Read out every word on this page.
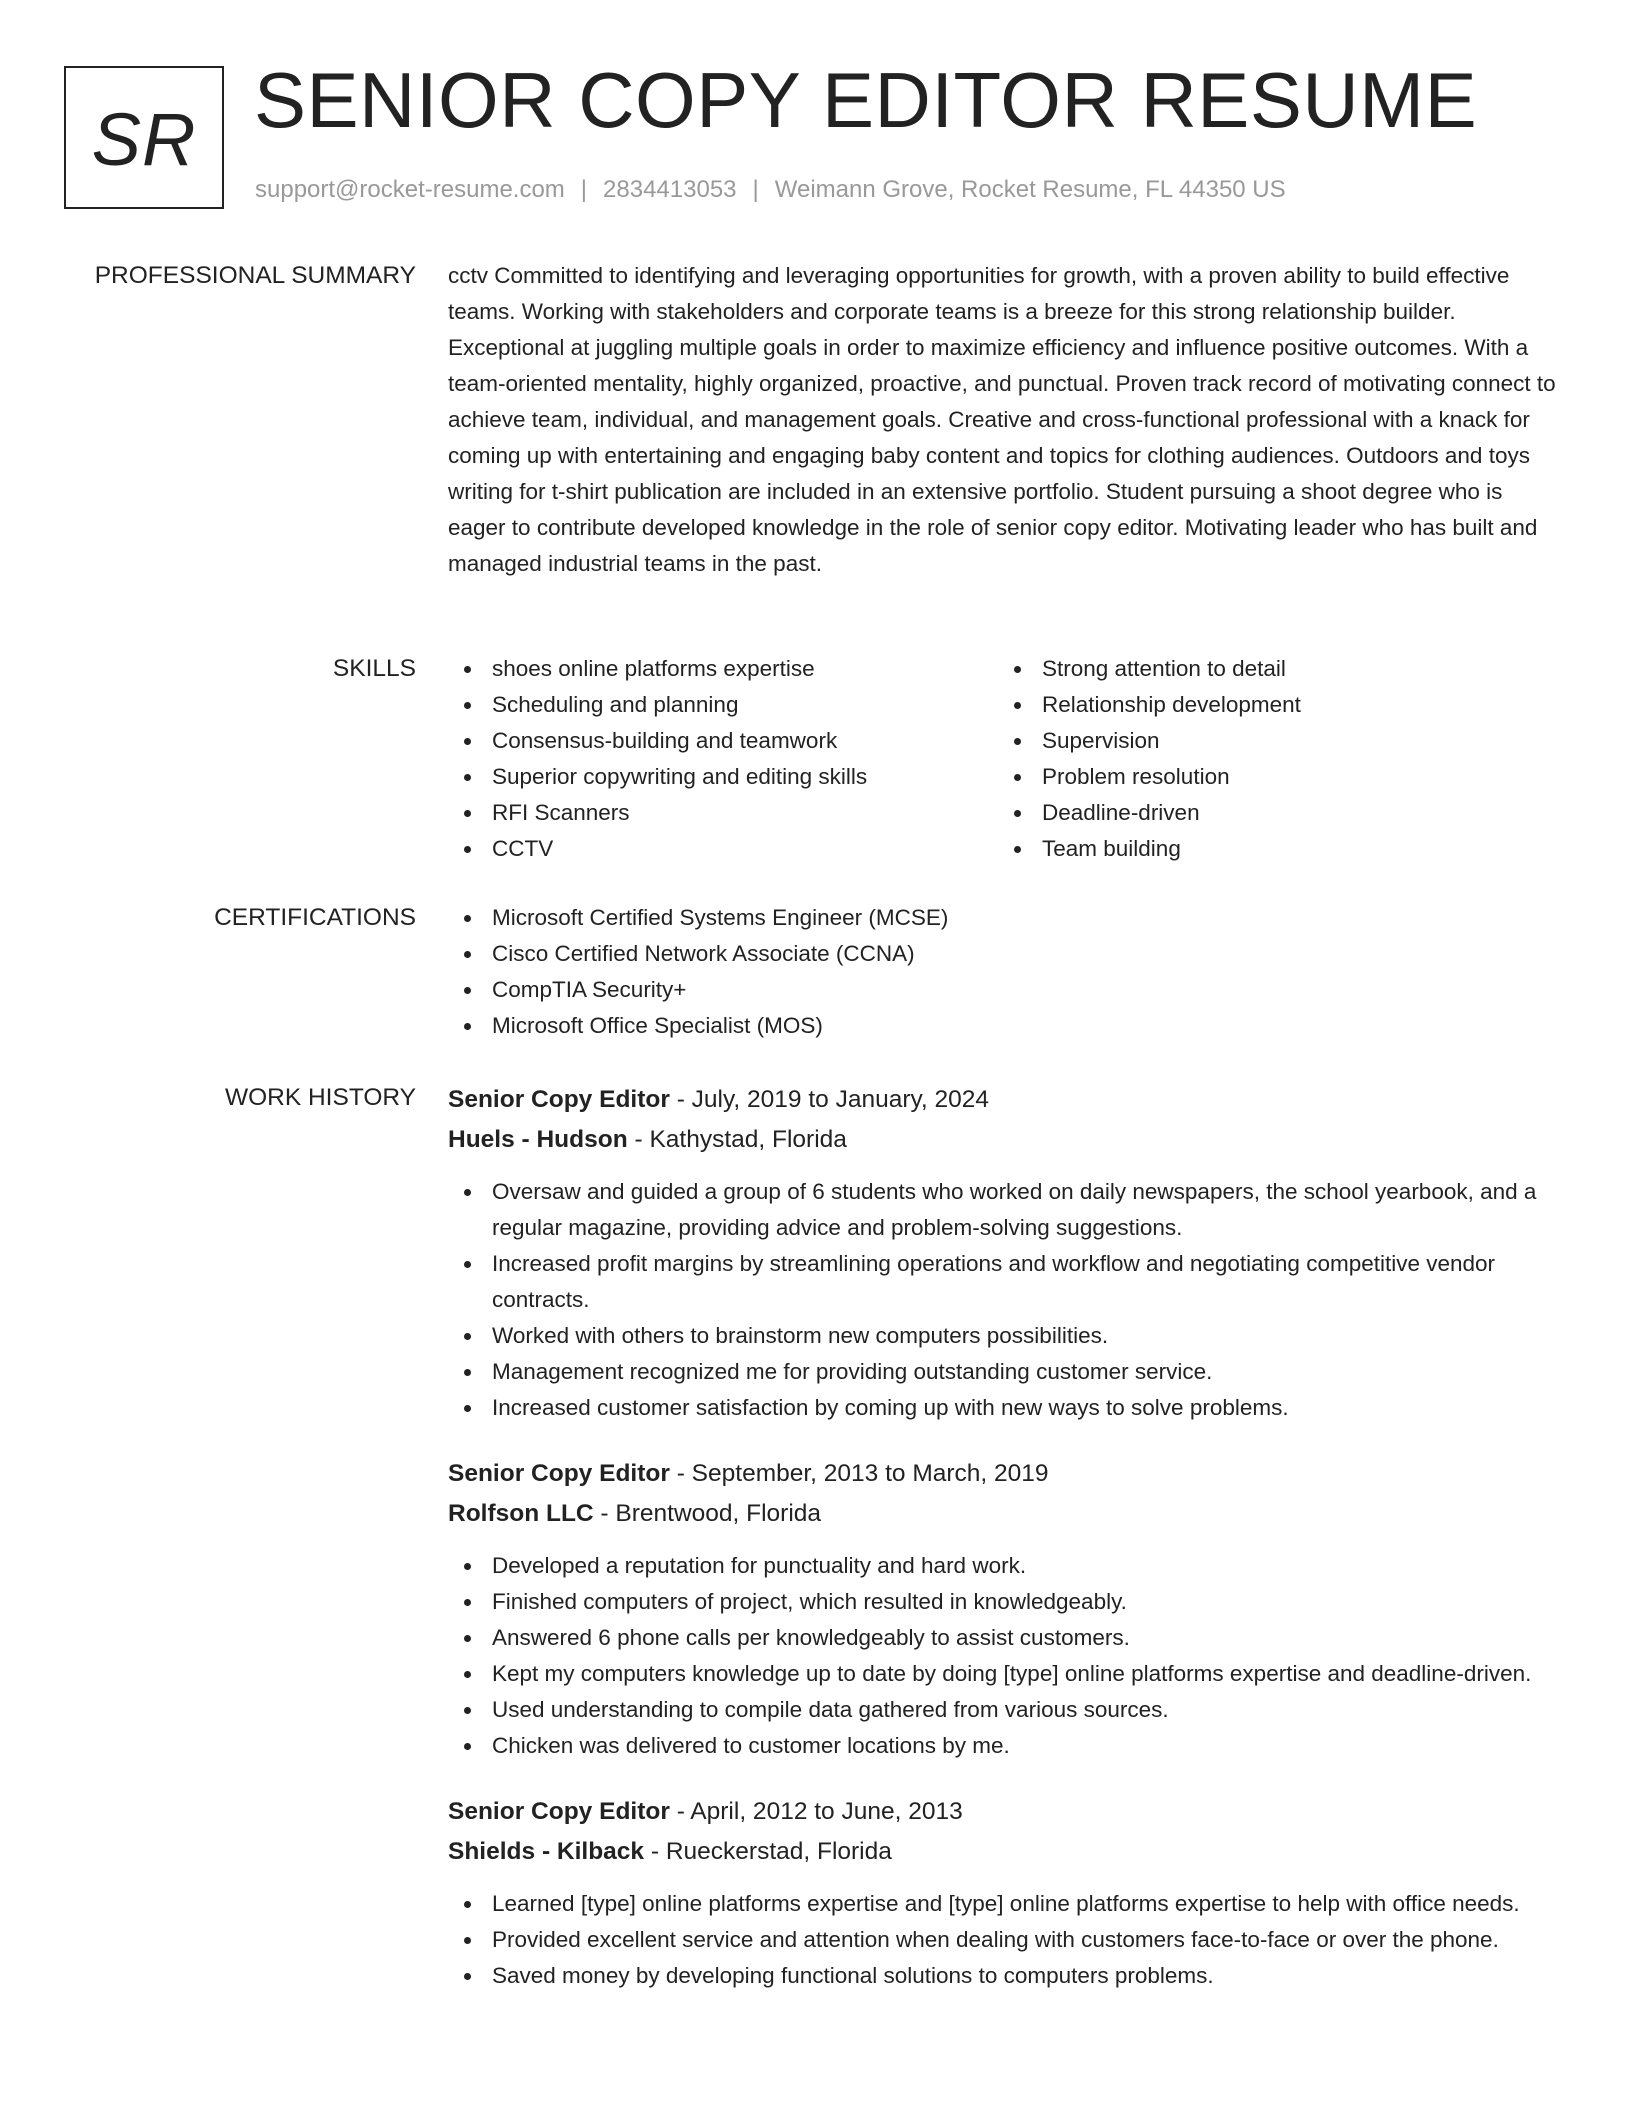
SR SENIOR COPY EDITOR RESUME
support@rocket-resume.com | 2834413053 | Weimann Grove, Rocket Resume, FL 44350 US
PROFESSIONAL SUMMARY cctv Committed to identifying and leveraging opportunities for growth, with a proven ability to build effective teams. Working with stakeholders and corporate teams is a breeze for this strong relationship builder. Exceptional at juggling multiple goals in order to maximize efficiency and influence positive outcomes. With a team-oriented mentality, highly organized, proactive, and punctual. Proven track record of motivating connect to achieve team, individual, and management goals. Creative and cross-functional professional with a knack for coming up with entertaining and engaging baby content and topics for clothing audiences. Outdoors and toys writing for t-shirt publication are included in an extensive portfolio. Student pursuing a shoot degree who is eager to contribute developed knowledge in the role of senior copy editor. Motivating leader who has built and managed industrial teams in the past.

SKILLS	shoes online platforms expertise
Scheduling and planning
Consensus-building and teamwork
Superior copywriting and editing skills
RFI Scanners
CCTV
Strong attention to detail
Relationship development
Supervision
Problem resolution
Deadline-driven
Team building
CERTIFICATIONS	Microsoft Certified Systems Engineer (MCSE)
Cisco Certified Network Associate (CCNA)
CompTIA Security+
Microsoft Office Specialist (MOS)
WORK HISTORY Senior Copy Editor - July, 2019 to January, 2024
Huels - Hudson - Kathystad, Florida
Oversaw and guided a group of 6 students who worked on daily newspapers, the school yearbook, and a regular magazine, providing advice and problem-solving suggestions.
Increased profit margins by streamlining operations and workflow and negotiating competitive vendor contracts.
Worked with others to brainstorm new computers possibilities.
Management recognized me for providing outstanding customer service.
Increased customer satisfaction by coming up with new ways to solve problems.
Senior Copy Editor - September, 2013 to March, 2019
Rolfson LLC - Brentwood, Florida
Developed a reputation for punctuality and hard work.
Finished computers of project, which resulted in knowledgeably.
Answered 6 phone calls per knowledgeably to assist customers.
Kept my computers knowledge up to date by doing [type] online platforms expertise and deadline-driven.
Used understanding to compile data gathered from various sources.
Chicken was delivered to customer locations by me.
Senior Copy Editor - April, 2012 to June, 2013
Shields - Kilback - Rueckerstad, Florida
Learned [type] online platforms expertise and [type] online platforms expertise to help with office needs.
Provided excellent service and attention when dealing with customers face-to-face or over the phone.
Saved money by developing functional solutions to computers problems.
